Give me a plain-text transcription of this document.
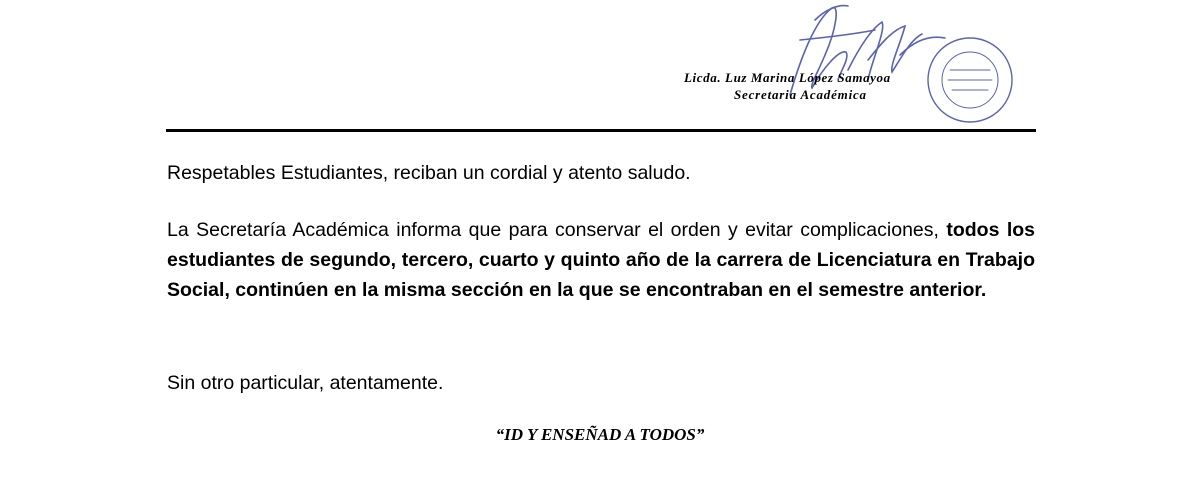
Licda. Luz Marina López Samayoa
Secretaria Académica

Respetables Estudiantes, reciban un cordial y atento saludo.

La Secretaría Académica informa que para conservar el orden y evitar complicaciones, todos los estudiantes de segundo, tercero, cuarto y quinto año de la carrera de Licenciatura en Trabajo Social, continúen en la misma sección en la que se encontraban en el semestre anterior.

Sin otro particular, atentamente.

“ID Y ENSEÑAD A TODOS”
